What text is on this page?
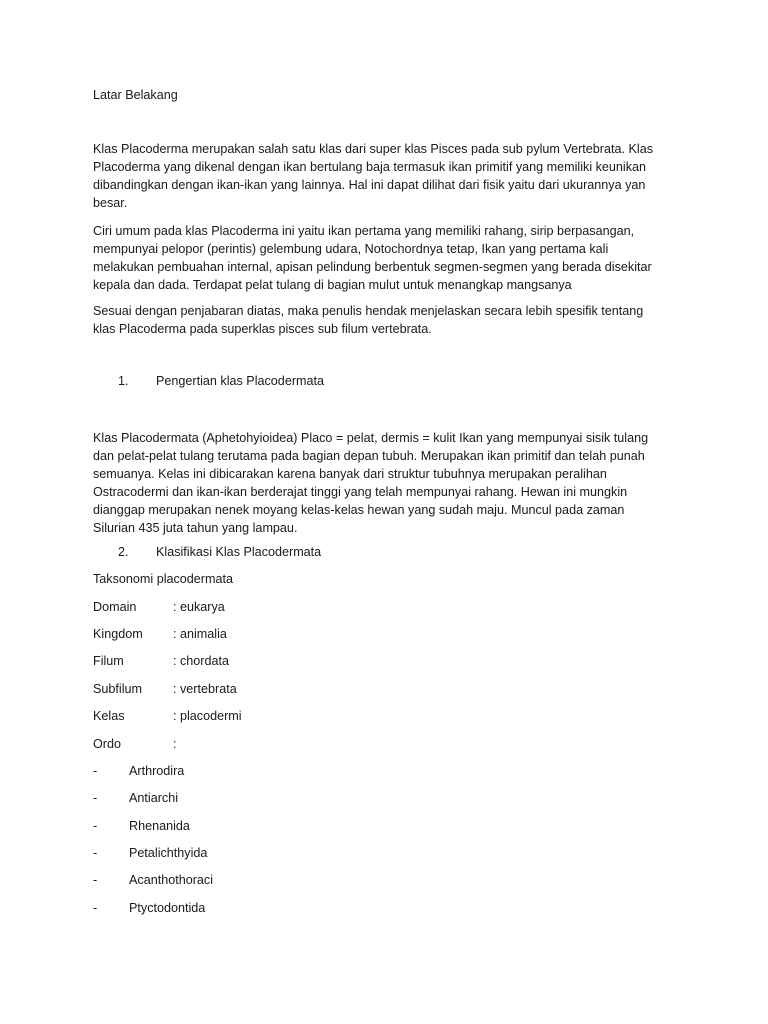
Latar Belakang

Klas Placoderma merupakan salah satu klas dari super klas Pisces pada sub pylum Vertebrata. Klas
Placoderma yang dikenal dengan ikan bertulang baja termasuk ikan primitif yang memiliki keunikan
dibandingkan dengan ikan-ikan yang lainnya. Hal ini dapat dilihat dari fisik yaitu dari ukurannya yan
besar.

Ciri umum pada klas Placoderma ini yaitu ikan pertama yang memiliki rahang, sirip berpasangan,
mempunyai pelopor (perintis) gelembung udara, Notochordnya tetap, Ikan yang pertama kali
melakukan pembuahan internal, apisan pelindung berbentuk segmen-segmen yang berada disekitar
kepala dan dada. Terdapat pelat tulang di bagian mulut untuk menangkap mangsanya

Sesuai dengan penjabaran diatas, maka penulis hendak menjelaskan secara lebih spesifik tentang
klas Placoderma pada superklas pisces sub filum vertebrata.

1. Pengertian klas Placodermata

Klas Placodermata (Aphetohyioidea) Placo = pelat, dermis = kulit Ikan yang mempunyai sisik tulang
dan pelat-pelat tulang terutama pada bagian depan tubuh. Merupakan ikan primitif dan telah punah
semuanya. Kelas ini dibicarakan karena banyak dari struktur tubuhnya merupakan peralihan
Ostracodermi dan ikan-ikan berderajat tinggi yang telah mempunyai rahang. Hewan ini mungkin
dianggap merupakan nenek moyang kelas-kelas hewan yang sudah maju. Muncul pada zaman
Silurian 435 juta tahun yang lampau.

2. Klasifikasi Klas Placodermata
Taksonomi placodermata
Domain	: eukarya
Kingdom : animalia
Filum	: chordata
Subfilum : vertebrata
Kelas	: placodermi
Ordo	:
-	Arthrodira
-	Antiarchi
-	Rhenanida
-	Petalichthyida
-	Acanthothoraci
-	Ptyctodontida
